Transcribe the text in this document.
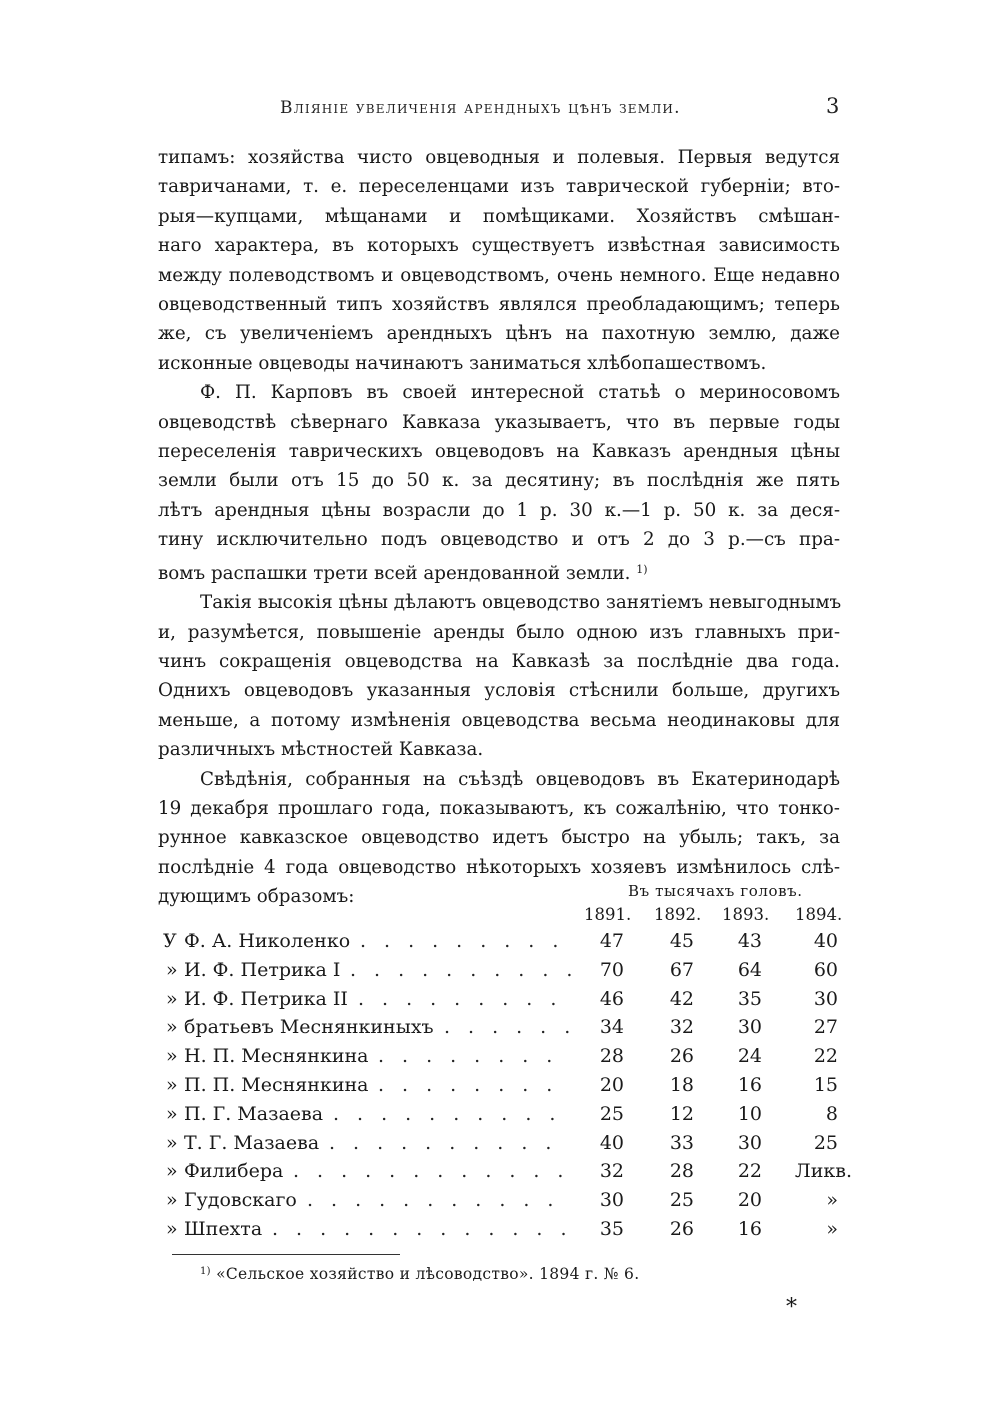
Вліяніе увеличенія арендныхъ цѣнъ земли.	3

типамъ: хозяйства чисто овцеводныя и полевыя. Первыя ведутся
тавричанами, т. е. переселенцами изъ таврической губерніи; вто-
рыя—купцами, мѣщанами и помѣщиками. Хозяйствъ смѣшан-
наго характера, въ которыхъ существуетъ извѣстная зависимость
между полеводствомъ и овцеводствомъ, очень немного. Еще недавно
овцеводственный типъ хозяйствъ являлся преобладающимъ; теперь
же, съ увеличеніемъ арендныхъ цѣнъ на пахотную землю, даже
исконные овцеводы начинаютъ заниматься хлѣбопашествомъ.

Ф. П. Карповъ въ своей интересной статьѣ о мериносовомъ
овцеводствѣ сѣвернаго Кавказа указываетъ, что въ первые годы
переселенія таврическихъ овцеводовъ на Кавказъ арендныя цѣны
земли были отъ 15 до 50 к. за десятину; въ послѣднія же пять
лѣтъ арендныя цѣны возрасли до 1 р. 30 к.—1 р. 50 к. за деся-
тину исключительно подъ овцеводство и отъ 2 до 3 р.—съ пра-
вомъ распашки трети всей арендованной земли. $^{1)}$

Такія высокія цѣны дѣлаютъ овцеводство занятіемъ невыгоднымъ
и, разумѣется, повышеніе аренды было одною изъ главныхъ при-
чинъ сокращенія овцеводства на Кавказѣ за послѣдніе два года.
Однихъ овцеводовъ указанныя условія стѣснили больше, другихъ
меньше, а потому измѣненія овцеводства весьма неодинаковы для
различныхъ мѣстностей Кавказа.

Свѣдѣнія, собранныя на съѣздѣ овцеводовъ въ Екатеринодарѣ
19 декабря прошлаго года, показываютъ, къ сожалѣнію, что тонко-
рунное кавказское овцеводство идетъ быстро на убыль; такъ, за
послѣдніе 4 года овцеводство нѣкоторыхъ хозяевъ измѣнилось слѣ-
дующимъ образомъ:	Въ тысячахъ головъ.
1891. 1892. 1893. 1894.
У Ф. А. Николенко .........	47	45	43	40
» И. Ф. Петрика I .......... 70	67	64	60
» И. Ф. Петрика II .........	46	42	35	30
» братьевъ Меснянкиныхъ ...... 34	32	30	27
» Н. П. Меснянкина ........	28	26	24	22
» П. П. Меснянкина ........	20	18	16	15
» П. Г. Мазаева ..........	25	12	10	8
» Т. Г. Мазаева ..........	40	33	30	25
» Филибера ............ 32	28	22 Ликв.
» Гудовскаго ...........	30	25	20	»
» Шпехта ............. 35	26	16	»
$^{1)}$ «Сельское хозяйство и лѣсоводство». 1894 г. № 6.
*
